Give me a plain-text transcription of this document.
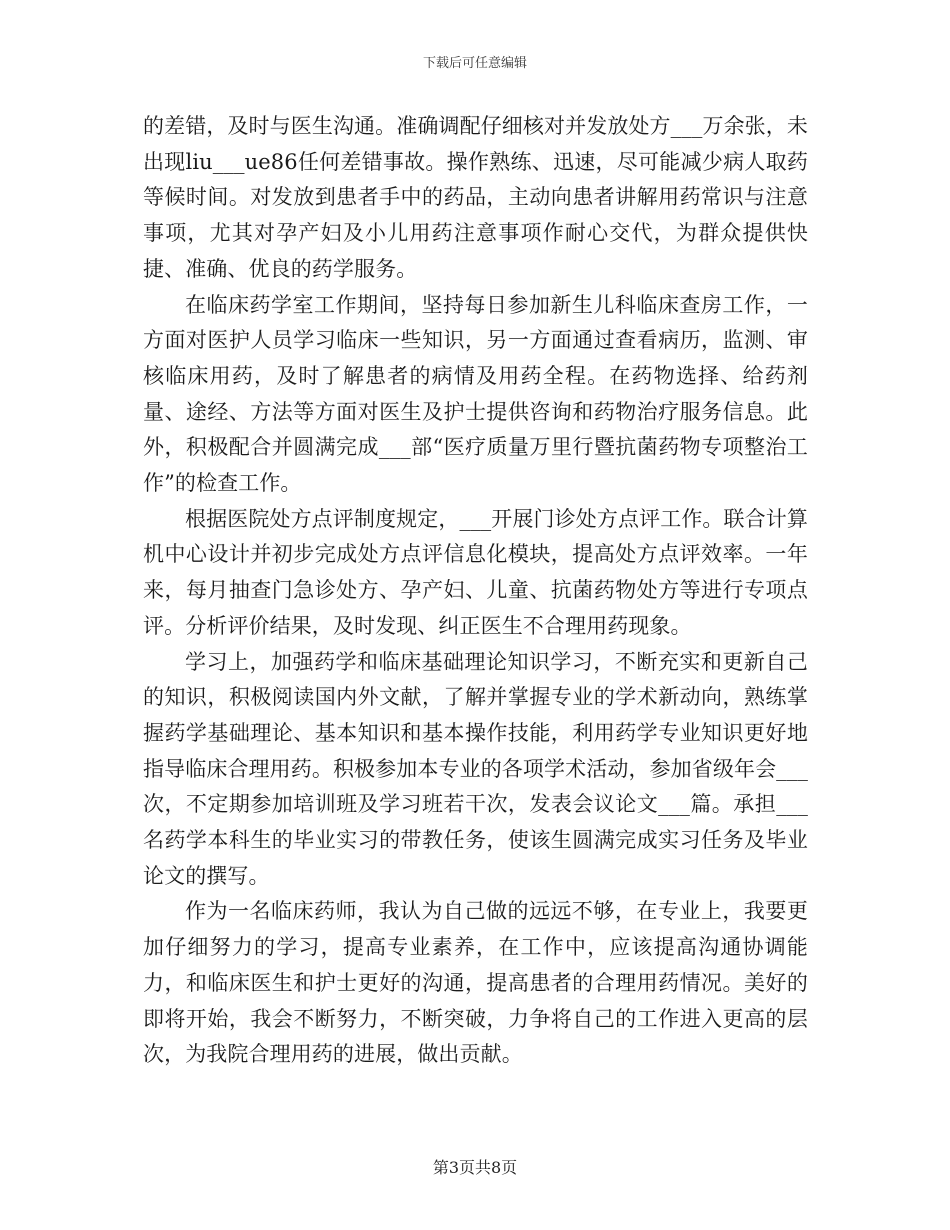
下载后可任意编辑

的差错，及时与医生沟通。准确调配仔细核对并发放处方___万余张，未出现liu___ue86任何差错事故。操作熟练、迅速，尽可能减少病人取药等候时间。对发放到患者手中的药品，主动向患者讲解用药常识与注意事项，尤其对孕产妇及小儿用药注意事项作耐心交代，为群众提供快捷、准确、优良的药学服务。

在临床药学室工作期间，坚持每日参加新生儿科临床查房工作，一方面对医护人员学习临床一些知识，另一方面通过查看病历，监测、审核临床用药，及时了解患者的病情及用药全程。在药物选择、给药剂量、途经、方法等方面对医生及护士提供咨询和药物治疗服务信息。此外，积极配合并圆满完成___部“医疗质量万里行暨抗菌药物专项整治工作”的检查工作。

根据医院处方点评制度规定，___开展门诊处方点评工作。联合计算机中心设计并初步完成处方点评信息化模块，提高处方点评效率。一年来，每月抽查门急诊处方、孕产妇、儿童、抗菌药物处方等进行专项点评。分析评价结果，及时发现、纠正医生不合理用药现象。

学习上，加强药学和临床基础理论知识学习，不断充实和更新自己的知识，积极阅读国内外文献，了解并掌握专业的学术新动向，熟练掌握药学基础理论、基本知识和基本操作技能，利用药学专业知识更好地指导临床合理用药。积极参加本专业的各项学术活动，参加省级年会___次，不定期参加培训班及学习班若干次，发表会议论文___篇。承担___名药学本科生的毕业实习的带教任务，使该生圆满完成实习任务及毕业论文的撰写。

作为一名临床药师，我认为自己做的远远不够，在专业上，我要更加仔细努力的学习，提高专业素养，在工作中，应该提高沟通协调能力，和临床医生和护士更好的沟通，提高患者的合理用药情况。美好的即将开始，我会不断努力，不断突破，力争将自己的工作进入更高的层次，为我院合理用药的进展，做出贡献。

第3页共8页
